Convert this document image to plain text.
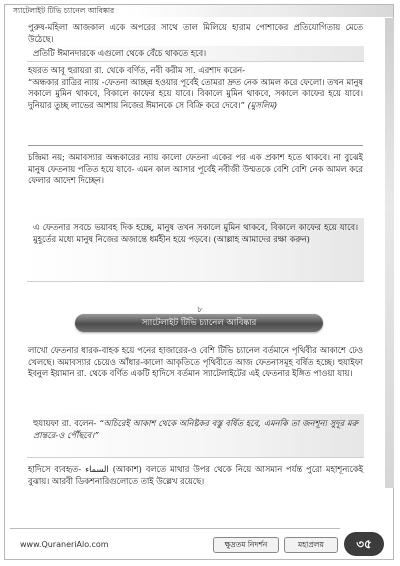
স্যাটেলাইট টিভি চ্যানেল আবিষ্কার

পুরুষ-মহিলা আজকাল একে অপরের সাথে তাল মিলিয়ে হারাম পোশাকের প্রতিযোগিতায় মেতে উঠেছে।

প্রতিটি ঈমানদারকে এগুলো থেকে বেঁচে থাকতে হবে।

হযরত আবূ হুরায়রা রা. থেকে বর্ণিত, নবী করীম সা. এরশাদ করেন-

“অন্ধকার রাত্রির ন্যায় -ফেতনা আচ্ছন্ন হওয়ার পূর্বেই তোমরা দ্রুত নেক আমল করে ফেলো। তখন মানুষ সকালে মুমিন থাকবে, বিকালে কাফের হয়ে যাবে। বিকালে মুমিন থাকবে, সকালে কাফের হয়ে যাবে। দুনিয়ার তুচ্ছ লাভের আশায় নিজের ঈমানকে সে বিক্রি করে দেবে।” (মুসলিম)

চন্দ্রিমা নয়; অমাবস্যার অন্ধকারের ন্যায় কালো ফেতনা একের পর এক প্রকাশ হতে থাকবে। না বুঝেই মানুষ ফেতনায় পতিত হয়ে যাবে- এমন কাল আসার পূর্বেই নবীজী উম্মতকে বেশি বেশি নেক আমল করে ফেলার আদেশ দিচ্ছেন।

এ ফেতনার সবচে ভয়াবহ দিক হচ্ছে, মানুষ তখন সকালে মুমিন থাকবে, বিকালে কাফের হয়ে যাবে। মুহূর্তের মধ্যে মানুষ নিজের অজান্তে ধর্মহীন হয়ে পড়বে। (আল্লাহ আমাদের রক্ষা করুন)

৮
স্যাটেলাইট টিভি চ্যানেল আবিষ্কার

লাখো ফেতনার ধারক-বাহক হয়ে পনের হাজারের-ও বেশি টিভি চ্যানেল বর্তমানে পৃথিবীর আকাশে ঢেও খেলছে। অমাবস্যার চেয়েও আঁধার-কালো আকৃতিতে পৃথিবীতে আজ ফেতনাসমূহ বর্ষিত হচ্ছে। হুযাইফা ইবনুল ইয়ামান রা. থেকে বর্ণিত একটি হাদিসে বর্তমান স্যাটেলাইটের এই ফেতনার ইঙ্গিত পাওয়া যায়।

হুযায়ফা রা. বলেন- “অচিরেই আকাশ থেকে অনিষ্টকর বস্তু বর্ষিত হবে, এমনকি তা জনশূন্য সুদূর মরু প্রান্তরে-ও পৌঁছবে।”

হাদিসে ব্যবহৃত- السماء (আকাশ) বলতে মাথার উপর থেকে নিয়ে আসমান পর্যন্ত পুরো মহাশূন্যকেই বুঝায়। আরবী ডিকশনারিগুলোতে তাই উল্লেখ রয়েছে।

www.QuraneriAlo.com	ক্ষুদ্রতম নিদর্শন	মহাপ্রলয়	৩৫
